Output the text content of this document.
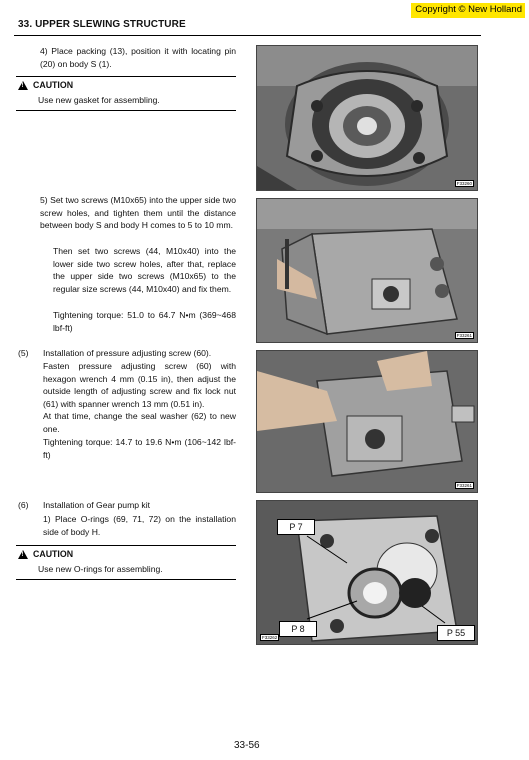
33. UPPER SLEWING STRUCTURE
Copyright © New Holland
4) Place packing (13), position it with locating pin (20) on body S (1).
!
CAUTION
Use new gasket for assembling.
5) Set two screws (M10x65) into the upper side two screw holes, and tighten them until the distance between body S and body H comes to 5 to 10 mm.
Then set two screws (44, M10x40) into the lower side two screw holes, after that, replace the upper side two screws (M10x65) to the regular size screws (44, M10x40) and fix them.
Tightening torque: 51.0 to 64.7 N•m (369~468 lbf-ft)
(5) Installation of pressure adjusting screw (60).
Fasten pressure adjusting screw (60) with hexagon wrench 4 mm (0.15 in), then adjust the outside length of adjusting screw and fix lock nut (61) with spanner wrench 13 mm (0.51 in).
At that time, change the seal washer (62) to new one.
Tightening torque: 14.7 to 19.6 N•m (106~142 lbf-ft)
(6) Installation of Gear pump kit
1) Place O-rings (69, 71, 72) on the installation side of body H.
!
CAUTION
Use new O-rings for assembling.
F33260
F33261
F33261
P 7
P 8	P 55
F33262
33-56
